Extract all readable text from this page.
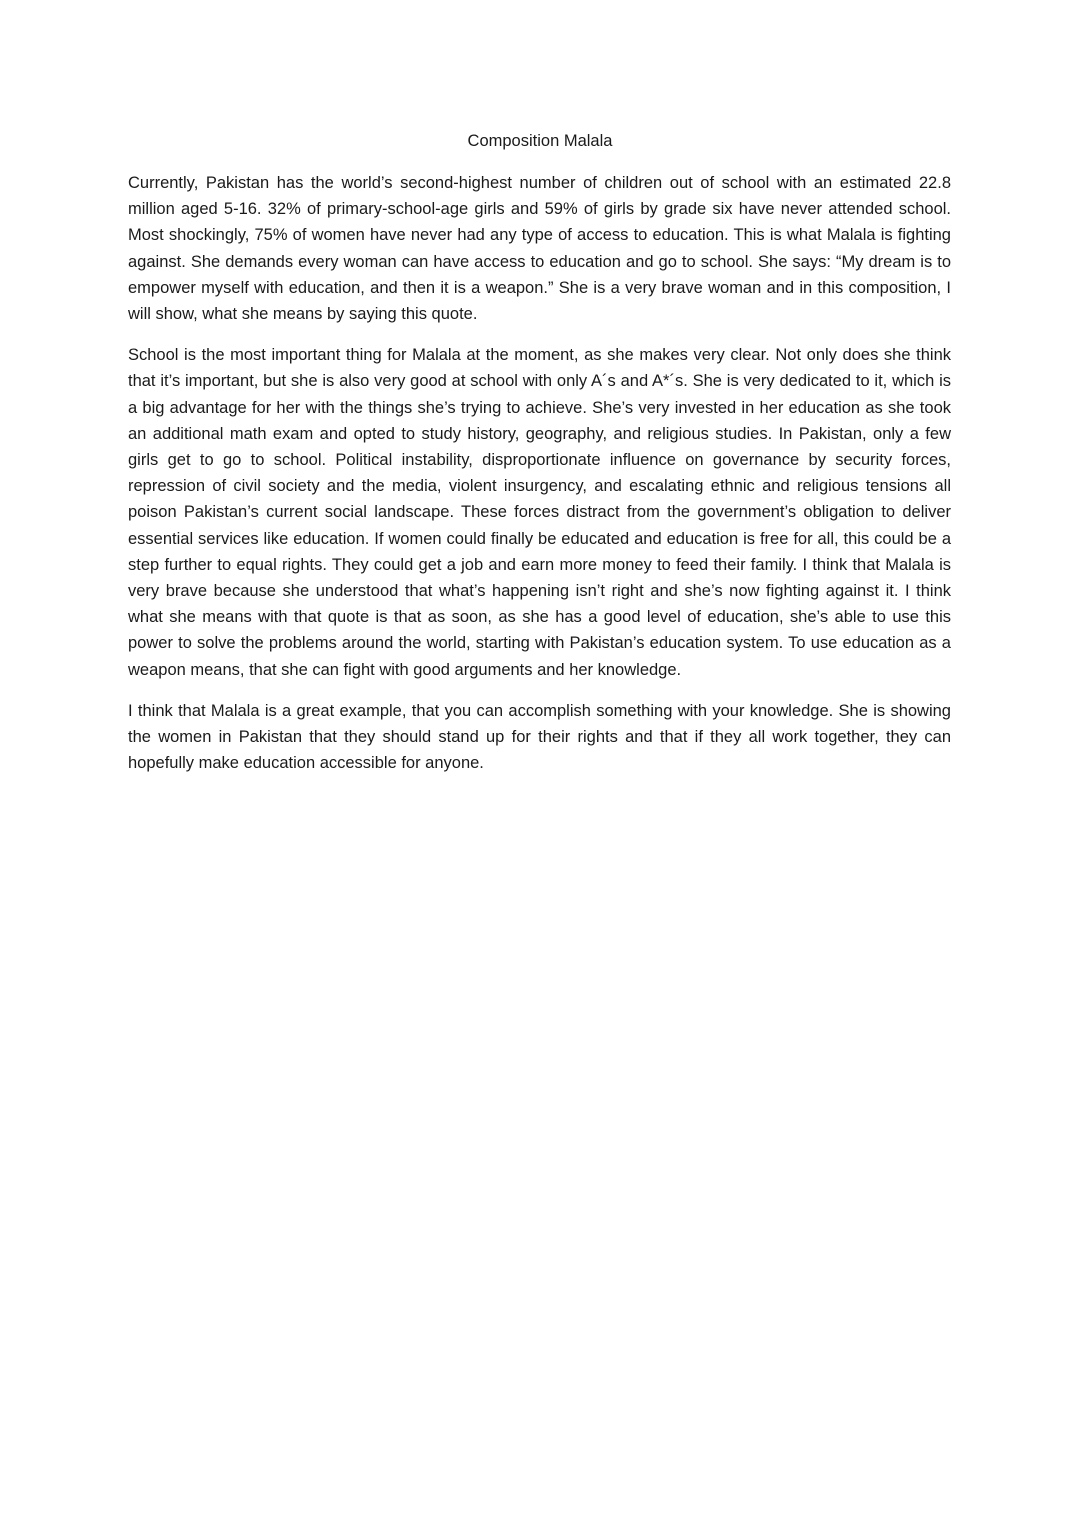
Composition Malala

Currently, Pakistan has the world’s second-highest number of children out of school with an estimated 22.8 million aged 5-16. 32% of primary-school-age girls and 59% of girls by grade six have never attended school. Most shockingly, 75% of women have never had any type of access to education. This is what Malala is fighting against. She demands every woman can have access to education and go to school. She says: “My dream is to empower myself with education, and then it is a weapon.” She is a very brave woman and in this composition, I will show, what she means by saying this quote.

School is the most important thing for Malala at the moment, as she makes very clear. Not only does she think that it’s important, but she is also very good at school with only A´s and A*´s. She is very dedicated to it, which is a big advantage for her with the things she’s trying to achieve. She’s very invested in her education as she took an additional math exam and opted to study history, geography, and religious studies. In Pakistan, only a few girls get to go to school. Political instability, disproportionate influence on governance by security forces, repression of civil society and the media, violent insurgency, and escalating ethnic and religious tensions all poison Pakistan’s current social landscape. These forces distract from the government’s obligation to deliver essential services like education. If women could finally be educated and education is free for all, this could be a step further to equal rights. They could get a job and earn more money to feed their family. I think that Malala is very brave because she understood that what’s happening isn’t right and she’s now fighting against it. I think what she means with that quote is that as soon, as she has a good level of education, she’s able to use this power to solve the problems around the world, starting with Pakistan’s education system. To use education as a weapon means, that she can fight with good arguments and her knowledge.

I think that Malala is a great example, that you can accomplish something with your knowledge. She is showing the women in Pakistan that they should stand up for their rights and that if they all work together, they can hopefully make education accessible for anyone.
